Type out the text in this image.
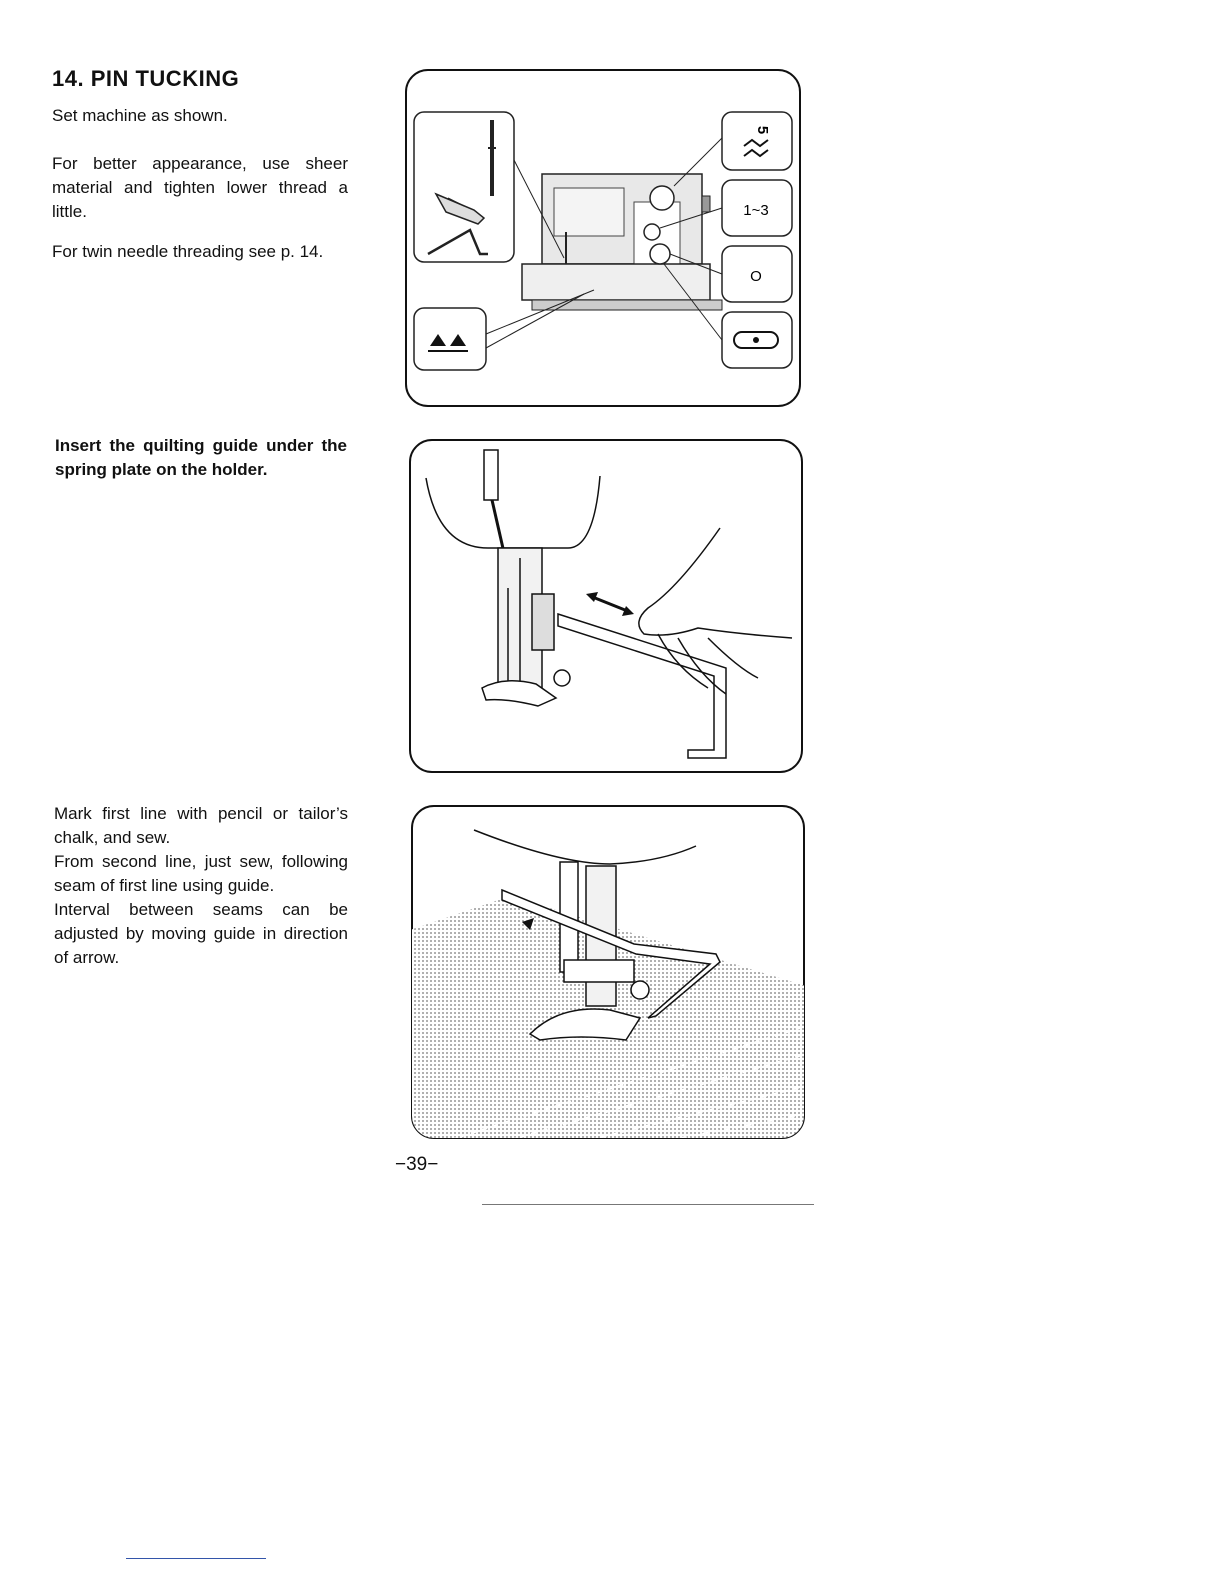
14. PIN TUCKING

Set machine as shown.

For better appearance, use sheer material and tighten lower thread a little.

For twin needle threading see p. 14.

Insert the quilting guide under the spring plate on the holder.

Mark first line with pencil or tailor’s chalk, and sew.
From second line, just sew, following seam of first line using guide.
Interval between seams can be adjusted by moving guide in direction of arrow.
5
1~3
O
−39−
